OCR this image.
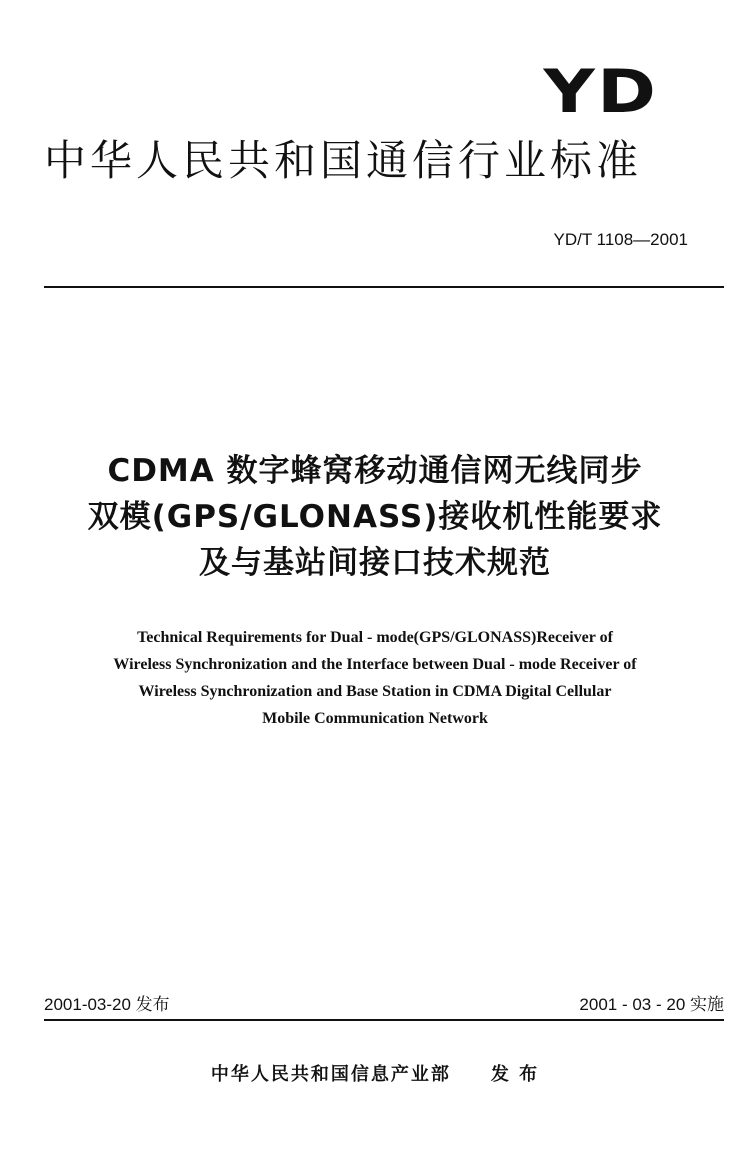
YD
中华人民共和国通信行业标准
YD/T 1108—2001
CDMA 数字蜂窝移动通信网无线同步
双模(GPS/GLONASS)接收机性能要求
及与基站间接口技术规范
Technical Requirements for Dual - mode(GPS/GLONASS)Receiver of
Wireless Synchronization and the Interface between Dual - mode Receiver of
Wireless Synchronization and Base Station in CDMA Digital Cellular
Mobile Communication Network
2001-03-20 发布	2001 - 03 - 20 实施
中华人民共和国信息产业部 发 布
